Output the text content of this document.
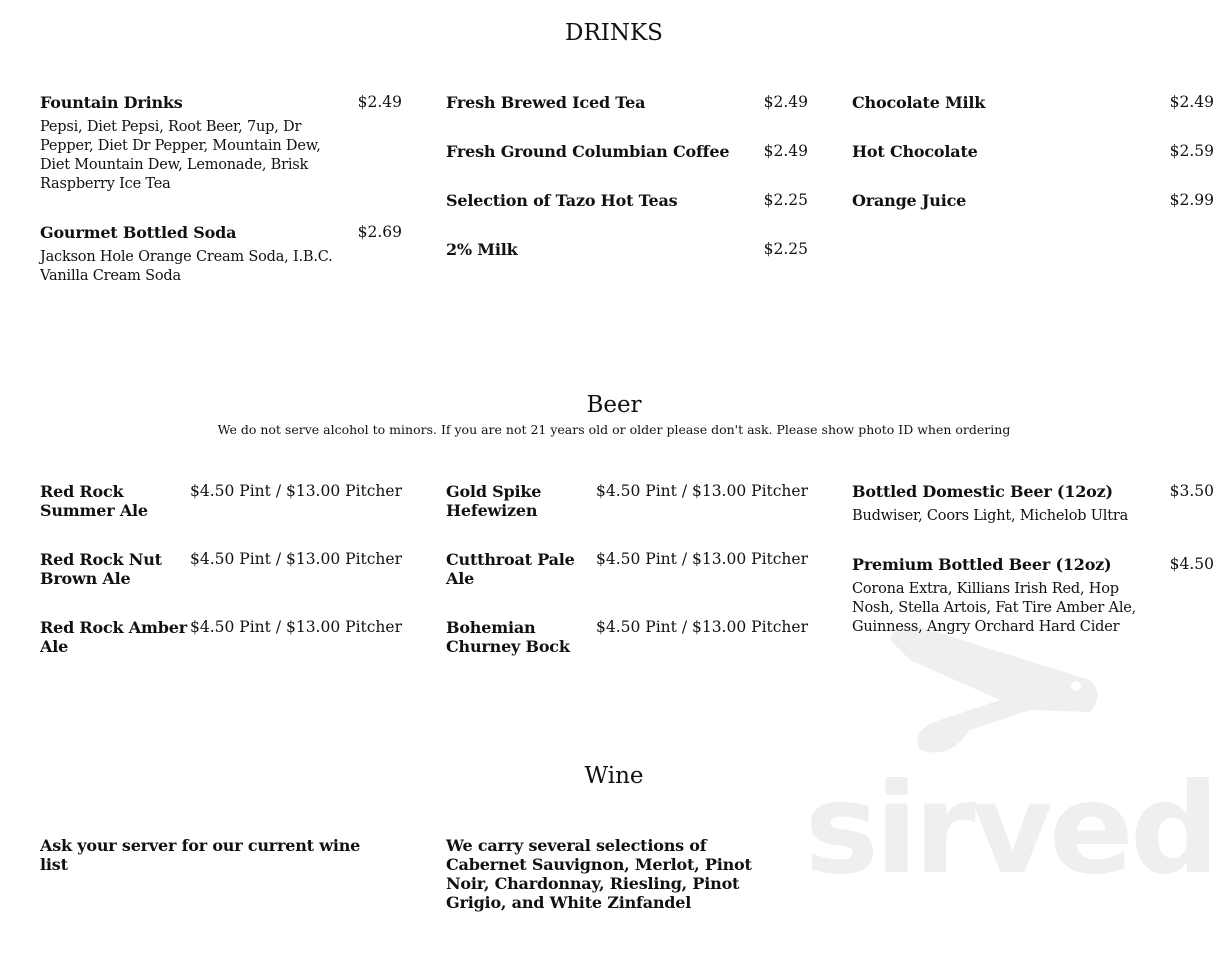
sirved
DRINKS
Fountain Drinks	$2.49
Pepsi, Diet Pepsi, Root Beer, 7up, Dr Pepper, Diet Dr Pepper, Mountain Dew, Diet Mountain Dew, Lemonade, Brisk Raspberry Ice Tea
Gourmet Bottled Soda	$2.69
Jackson Hole Orange Cream Soda, I.B.C. Vanilla Cream Soda
Fresh Brewed Iced Tea	$2.49
Fresh Ground Columbian Coffee	$2.49
Selection of Tazo Hot Teas	$2.25
2% Milk	$2.25
Chocolate Milk	$2.49
Hot Chocolate	$2.59
Orange Juice	$2.99
Beer
We do not serve alcohol to minors. If you are not 21 years old or older please don't ask. Please show photo ID when ordering
Red Rock Summer Ale
$4.50 Pint / $13.00 Pitcher
Red Rock Nut Brown Ale
$4.50 Pint / $13.00 Pitcher
Red Rock Amber Ale
$4.50 Pint / $13.00 Pitcher
Gold Spike Hefewizen
$4.50 Pint / $13.00 Pitcher
Cutthroat Pale Ale
$4.50 Pint / $13.00 Pitcher
Bohemian Churney Bock
$4.50 Pint / $13.00 Pitcher
Bottled Domestic Beer (12oz)	$3.50
Budwiser, Coors Light, Michelob Ultra
Premium Bottled Beer (12oz)	$4.50
Corona Extra, Killians Irish Red, Hop Nosh, Stella Artois, Fat Tire Amber Ale, Guinness, Angry Orchard Hard Cider
Wine
Ask your server for our current wine list
We carry several selections of Cabernet Sauvignon, Merlot, Pinot Noir, Chardonnay, Riesling, Pinot Grigio, and White Zinfandel
